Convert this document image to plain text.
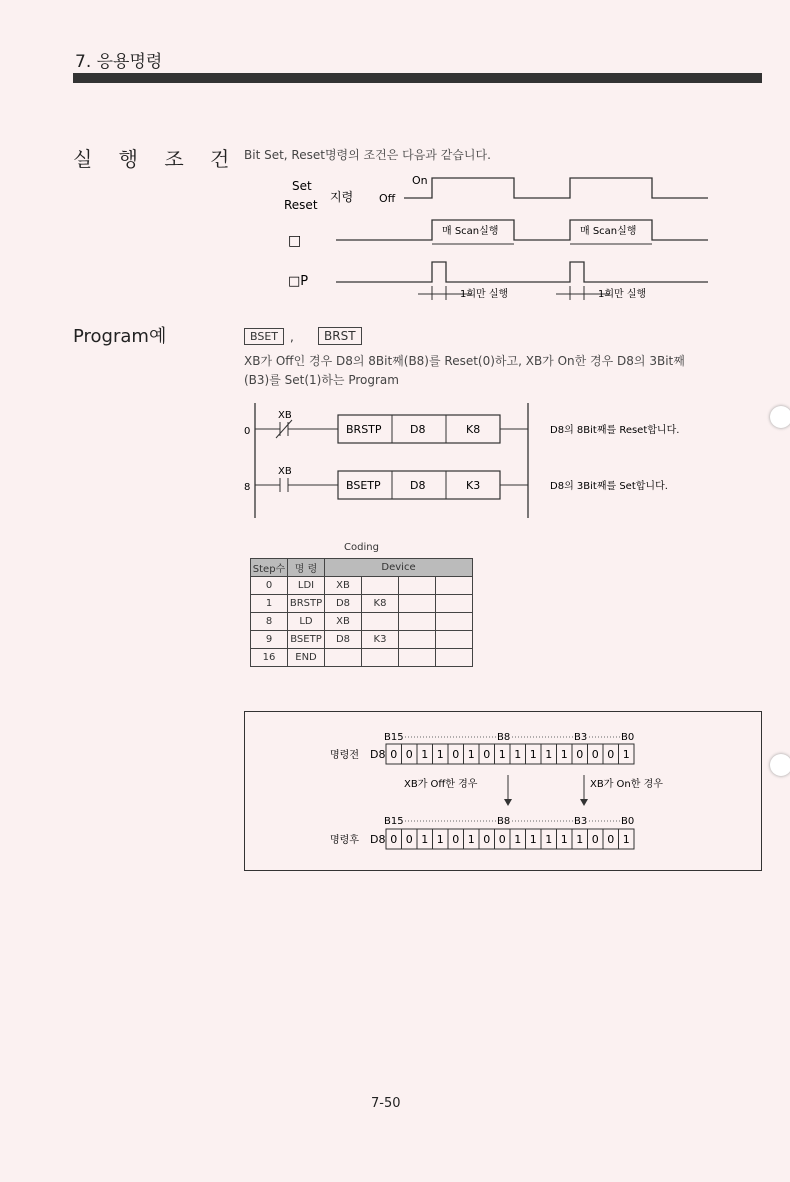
7. 응용명령
실 행 조 건 Bit Set, Reset명령의 조건은 다음과 같습니다.
Set
Reset
지령
On
Off
□
매 Scan실행	매 Scan실행
□P
1회만 실행	1회만 실행
Program예	BSET ,	BRST
XB가 Off인 경우 D8의 8Bit째(B8)를 Reset(0)하고, XB가 On한 경우 D8의 3Bit째
(B3)를 Set(1)하는 Program
0
XB
BRSTP	D8	K8	D8의 8Bit째를 Reset합니다.
8
XB
BSETP	D8	K3	D8의 3Bit째를 Set합니다.
Coding
Step수	명 령	Device			
0	LDI	XB			
1	BRSTP	D8	K8		
8	LD	XB			
9	BSETP	D8	K3		
16	END				
B15	B8	B3	B0
명령전 D8 0 0 1 1 0 1 0 1 1 1 1 1 0 0 0 1
XB가 Off한 경우	XB가 On한 경우
B15	B8	B3	B0
명령후 D8 0 0 1 1 0 1 0 0 1 1 1 1 1 0 0 1
7-50
